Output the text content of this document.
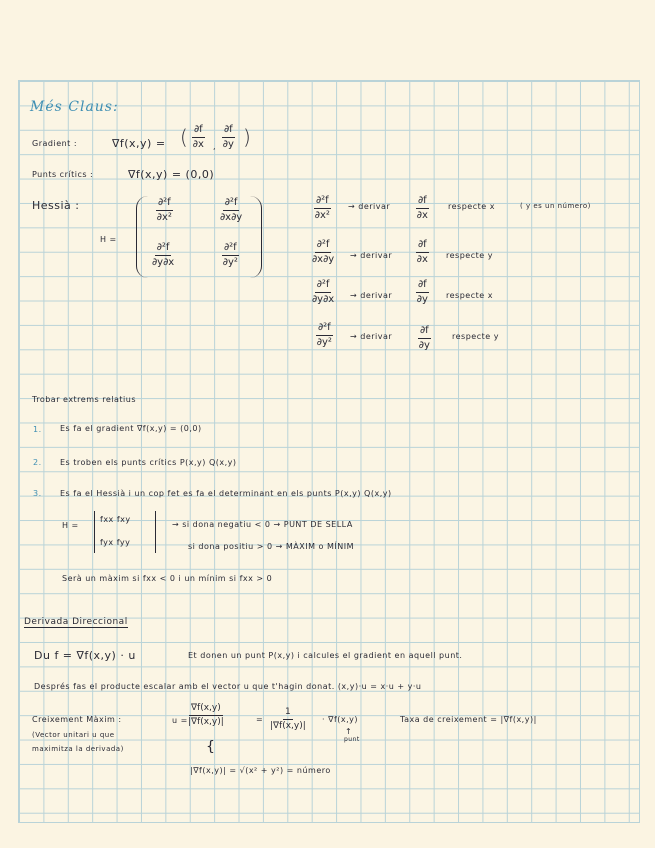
Més Claus:
Gradient :	∇f(x,y) = ( $\frac{\partial f}{\partial x}$ , $\frac{\partial f}{\partial y}$ )
Punts crítics :	∇f(x,y) = (0,0)
Hessià :
H =
$\frac{\text{∂²f}}{\text{∂x²}}$	$\frac{\text{∂²f}}{\partial x\partial y}$
$\frac{\text{∂²f}}{\partial y\partial x}$	$\frac{\text{∂²f}}{\text{∂y²}}$
$\frac{\text{∂²f}}{\text{∂x²}}$ → derivar	$\frac{\partial f}{\partial x}$ respecte x	( y es un número)
$\frac{\text{∂²f}}{\partial x\partial y}$ → derivar $\frac{\partial f}{\partial x}$ respecte y
$\frac{\text{∂²f}}{\partial y\partial x}$ → derivar $\frac{\partial f}{\partial y}$ respecte x
$\frac{\text{∂²f}}{\text{∂y²}}$ → derivar	$\frac{\partial f}{\partial y}$	respecte y
Trobar extrems relatius
1. Es fa el gradient ∇f(x,y) = (0,0)
2. Es troben els punts crítics P(x,y) Q(x,y)
3. Es fa el Hessià i un cop fet es fa el determinant en els punts P(x,y) Q(x,y)
H =
fxx fxy
fyx fyy
→ si dona negatiu < 0 → PUNT DE SELLA
si dona positiu > 0 → MÀXIM o MÍNIM
Serà un màxim si fxx < 0 i un mínim si fxx > 0
Derivada Direccional
Du f = ∇f(x,y) · u	Et donen un punt P(x,y) i calcules el gradient en aquell punt.
Després fas el producte escalar amb el vector u que t'hagin donat. (x,y)·u = x·u + y·u
Creixement Màxim :
(Vector unitari u que
maximitza la derivada)
$u = \frac{\nabla f(x,y)}{|\nabla f(x,y)|}$	= $\frac{1}{|\nabla f(x,y)|} \cdot \nabla f(x,y)$
↑
punt
Taxa de creixement = |∇f(x,y)|
{
|∇f(x,y)| = √(x² + y²) = número
